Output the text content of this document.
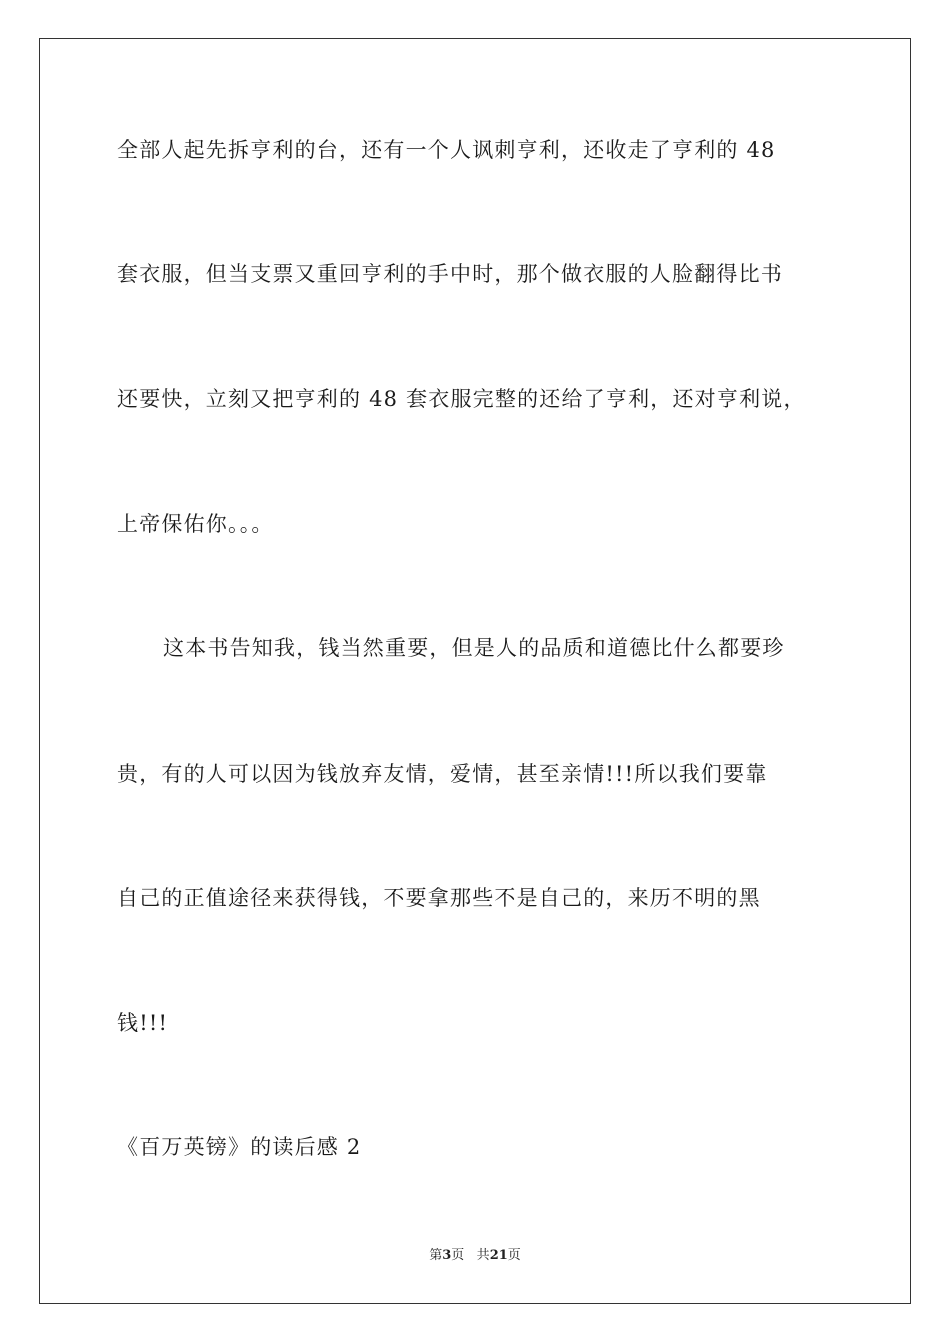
全部人起先拆亨利的台，还有一个人讽刺亨利，还收走了亨利的 48
套衣服，但当支票又重回亨利的手中时，那个做衣服的人脸翻得比书
还要快，立刻又把亨利的 48 套衣服完整的还给了亨利，还对亨利说，
上帝保佑你。。。
这本书告知我，钱当然重要，但是人的品质和道德比什么都要珍
贵，有的人可以因为钱放弃友情，爱情，甚至亲情!!!所以我们要靠
自己的正值途径来获得钱，不要拿那些不是自己的，来历不明的黑
钱!!!
《百万英镑》的读后感 2
第3页 共21页
